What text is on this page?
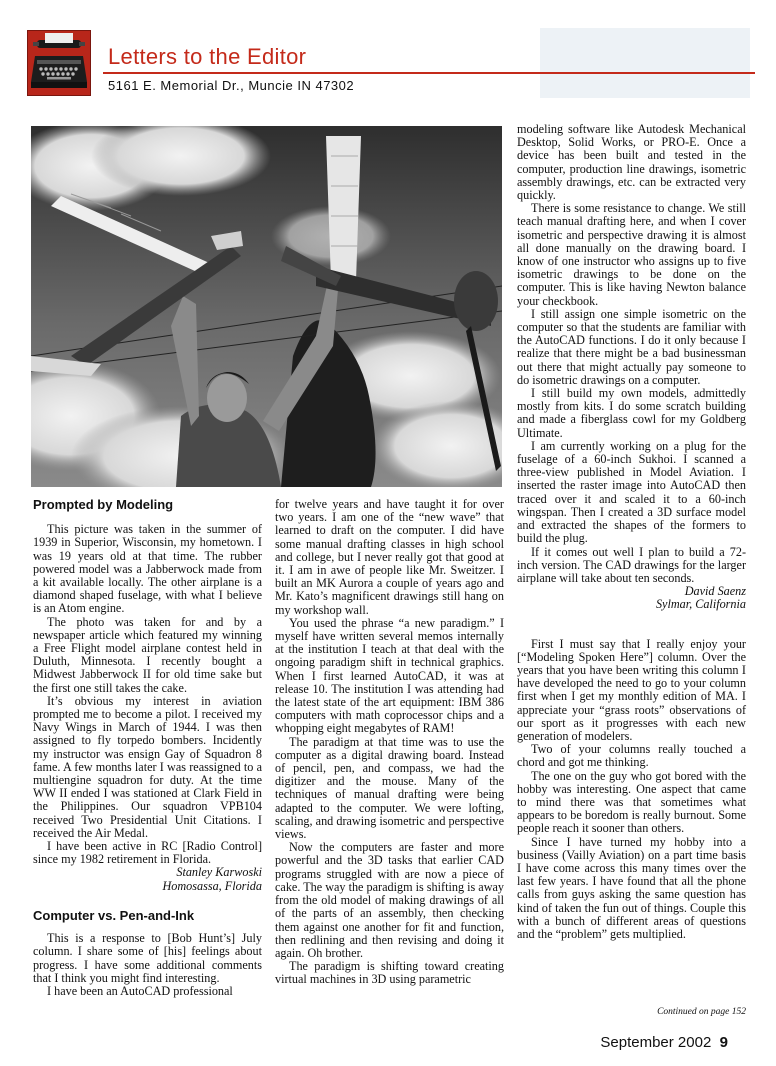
Letters to the Editor
5161 E. Memorial Dr., Muncie IN 47302
Prompted by Modeling

This picture was taken in the summer of 1939 in Superior, Wisconsin, my hometown. I was 19 years old at that time. The rubber powered model was a Jabberwock made from a kit available locally. The other airplane is a diamond shaped fuselage, with what I believe is an Atom engine.

The photo was taken for and by a newspaper article which featured my winning a Free Flight model airplane contest held in Duluth, Minnesota. I recently bought a Midwest Jabberwock II for old time sake but the first one still takes the cake.

It’s obvious my interest in aviation prompted me to become a pilot. I received my Navy Wings in March of 1944. I was then assigned to fly torpedo bombers. Incidently my instructor was ensign Gay of Squadron 8 fame. A few months later I was reassigned to a multiengine squadron for duty. At the time WW II ended I was stationed at Clark Field in the Philippines. Our squadron VPB104 received Two Presidential Unit Citations. I received the Air Medal.

I have been active in RC [Radio Control] since my 1982 retirement in Florida.

Stanley Karwoski

Homosassa, Florida

Computer vs. Pen-and-Ink

This is a response to [Bob Hunt’s] July column. I share some of [his] feelings about progress. I have some additional comments that I think you might find interesting.

I have been an AutoCAD professional

for twelve years and have taught it for over two years. I am one of the “new wave” that learned to draft on the computer. I did have some manual drafting classes in high school and college, but I never really got that good at it. I am in awe of people like Mr. Sweitzer. I built an MK Aurora a couple of years ago and Mr. Kato’s magnificent drawings still hang on my workshop wall.

You used the phrase “a new paradigm.” I myself have written several memos internally at the institution I teach at that deal with the ongoing paradigm shift in technical graphics. When I first learned AutoCAD, it was at release 10. The institution I was attending had the latest state of the art equipment: IBM 386 computers with math coprocessor chips and a whopping eight megabytes of RAM!

The paradigm at that time was to use the computer as a digital drawing board. Instead of pencil, pen, and compass, we had the digitizer and the mouse. Many of the techniques of manual drafting were being adapted to the computer. We were lofting, scaling, and drawing isometric and perspective views.

Now the computers are faster and more powerful and the 3D tasks that earlier CAD programs struggled with are now a piece of cake. The way the paradigm is shifting is away from the old model of making drawings of all of the parts of an assembly, then checking them against one another for fit and function, then redlining and then revising and doing it again. Oh brother.

The paradigm is shifting toward creating virtual machines in 3D using parametric

modeling software like Autodesk Mechanical Desktop, Solid Works, or PRO-E. Once a device has been built and tested in the computer, production line drawings, isometric assembly drawings, etc. can be extracted very quickly.

There is some resistance to change. We still teach manual drafting here, and when I cover isometric and perspective drawing it is almost all done manually on the drawing board. I know of one instructor who assigns up to five isometric drawings to be done on the computer. This is like having Newton balance your checkbook.

I still assign one simple isometric on the computer so that the students are familiar with the AutoCAD functions. I do it only because I realize that there might be a bad businessman out there that might actually pay someone to do isometric drawings on a computer.

I still build my own models, admittedly mostly from kits. I do some scratch building and made a fiberglass cowl for my Goldberg Ultimate.

I am currently working on a plug for the fuselage of a 60-inch Sukhoi. I scanned a three-view published in Model Aviation. I inserted the raster image into AutoCAD then traced over it and scaled it to a 60-inch wingspan. Then I created a 3D surface model and extracted the shapes of the formers to build the plug.

If it comes out well I plan to build a 72-inch version. The CAD drawings for the larger airplane will take about ten seconds.

David Saenz

Sylmar, California

First I must say that I really enjoy your [“Modeling Spoken Here”] column. Over the years that you have been writing this column I have developed the need to go to your column first when I get my monthly edition of MA. I appreciate your “grass roots” observations of our sport as it progresses with each new generation of modelers.

Two of your columns really touched a chord and got me thinking.

The one on the guy who got bored with the hobby was interesting. One aspect that came to mind there was that sometimes what appears to be boredom is really burnout. Some people reach it sooner than others.

Since I have turned my hobby into a business (Vailly Aviation) on a part time basis I have come across this many times over the last few years. I have found that all the phone calls from guys asking the same question has kind of taken the fun out of things. Couple this with a bunch of different areas of questions and the “problem” gets multiplied.

Continued on page 152
September 2002 9
